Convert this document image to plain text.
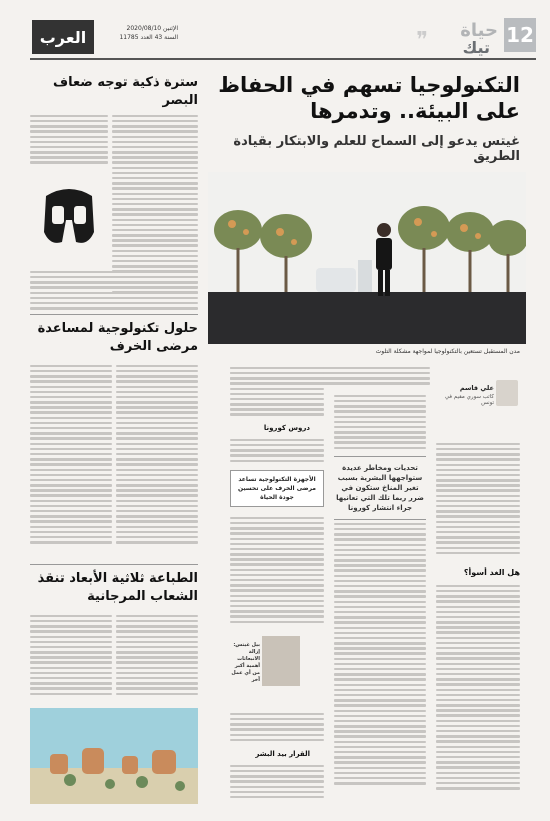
12
حياة
تيك
❞
العرب	الإثنين 2020/08/10
السنة 43 العدد 11785
التكنولوجيا تسهم في الحفاظ على البيئة.. وتدمرها
غيتس يدعو إلى السماح للعلم والابتكار بقيادة الطريق
مدن المستقبل تستعين بالتكنولوجيا لمواجهة مشكلة التلوث
علي قاسم
كاتب سوري مقيم في تونس
هل الغد أسوأ؟
تحديات ومخاطر عديدة ستواجهها البشرية بسبب تغير المناخ ستكون في ضرر ربما تلك التي تعانيها جراء انتشار كورونا
دروس كورونا
الأجهزة التكنولوجية تساعد مرضى الخرف على تحسين جودة الحياة
بيل غيتس: إزالة الانبعاثات أهمية أكبر من أي عمل آخر
القرار بيد البشر
سترة ذكية توجه ضعاف البصر
حلول تكنولوجية لمساعدة مرضى الخرف
الطباعة ثلاثية الأبعاد تنقذ الشعاب المرجانية
